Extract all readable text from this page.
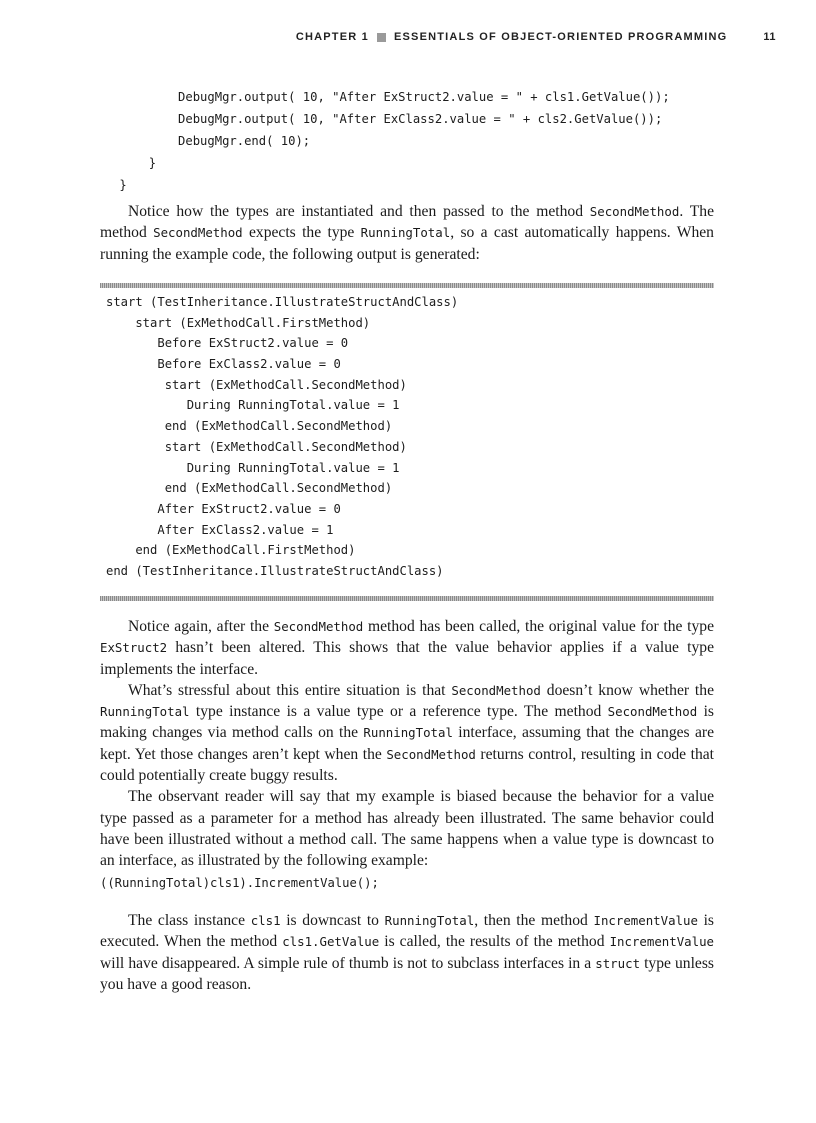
CHAPTER 1 ESSENTIALS OF OBJECT-ORIENTED PROGRAMMING	11
DebugMgr.output( 10, "After ExStruct2.value = " + cls1.GetValue());
DebugMgr.output( 10, "After ExClass2.value = " + cls2.GetValue());
DebugMgr.end( 10);
}
}

Notice how the types are instantiated and then passed to the method SecondMethod. The method SecondMethod expects the type RunningTotal, so a cast automatically happens. When running the example code, the following output is generated:

start (TestInheritance.IllustrateStructAndClass)
start (ExMethodCall.FirstMethod)
Before ExStruct2.value = 0
Before ExClass2.value = 0
start (ExMethodCall.SecondMethod)
During RunningTotal.value = 1
end (ExMethodCall.SecondMethod)
start (ExMethodCall.SecondMethod)
During RunningTotal.value = 1
end (ExMethodCall.SecondMethod)
After ExStruct2.value = 0
After ExClass2.value = 1
end (ExMethodCall.FirstMethod)
end (TestInheritance.IllustrateStructAndClass)

Notice again, after the SecondMethod method has been called, the original value for the type ExStruct2 hasn’t been altered. This shows that the value behavior applies if a value type implements the interface.

What’s stressful about this entire situation is that SecondMethod doesn’t know whether the RunningTotal type instance is a value type or a reference type. The method SecondMethod is making changes via method calls on the RunningTotal interface, assuming that the changes are kept. Yet those changes aren’t kept when the SecondMethod returns control, resulting in code that could potentially create buggy results.

The observant reader will say that my example is biased because the behavior for a value type passed as a parameter for a method has already been illustrated. The same behavior could have been illustrated without a method call. The same happens when a value type is downcast to an interface, as illustrated by the following example:

((RunningTotal)cls1).IncrementValue();

The class instance cls1 is downcast to RunningTotal, then the method IncrementValue is executed. When the method cls1.GetValue is called, the results of the method IncrementValue will have disappeared. A simple rule of thumb is not to subclass interfaces in a struct type unless you have a good reason.
